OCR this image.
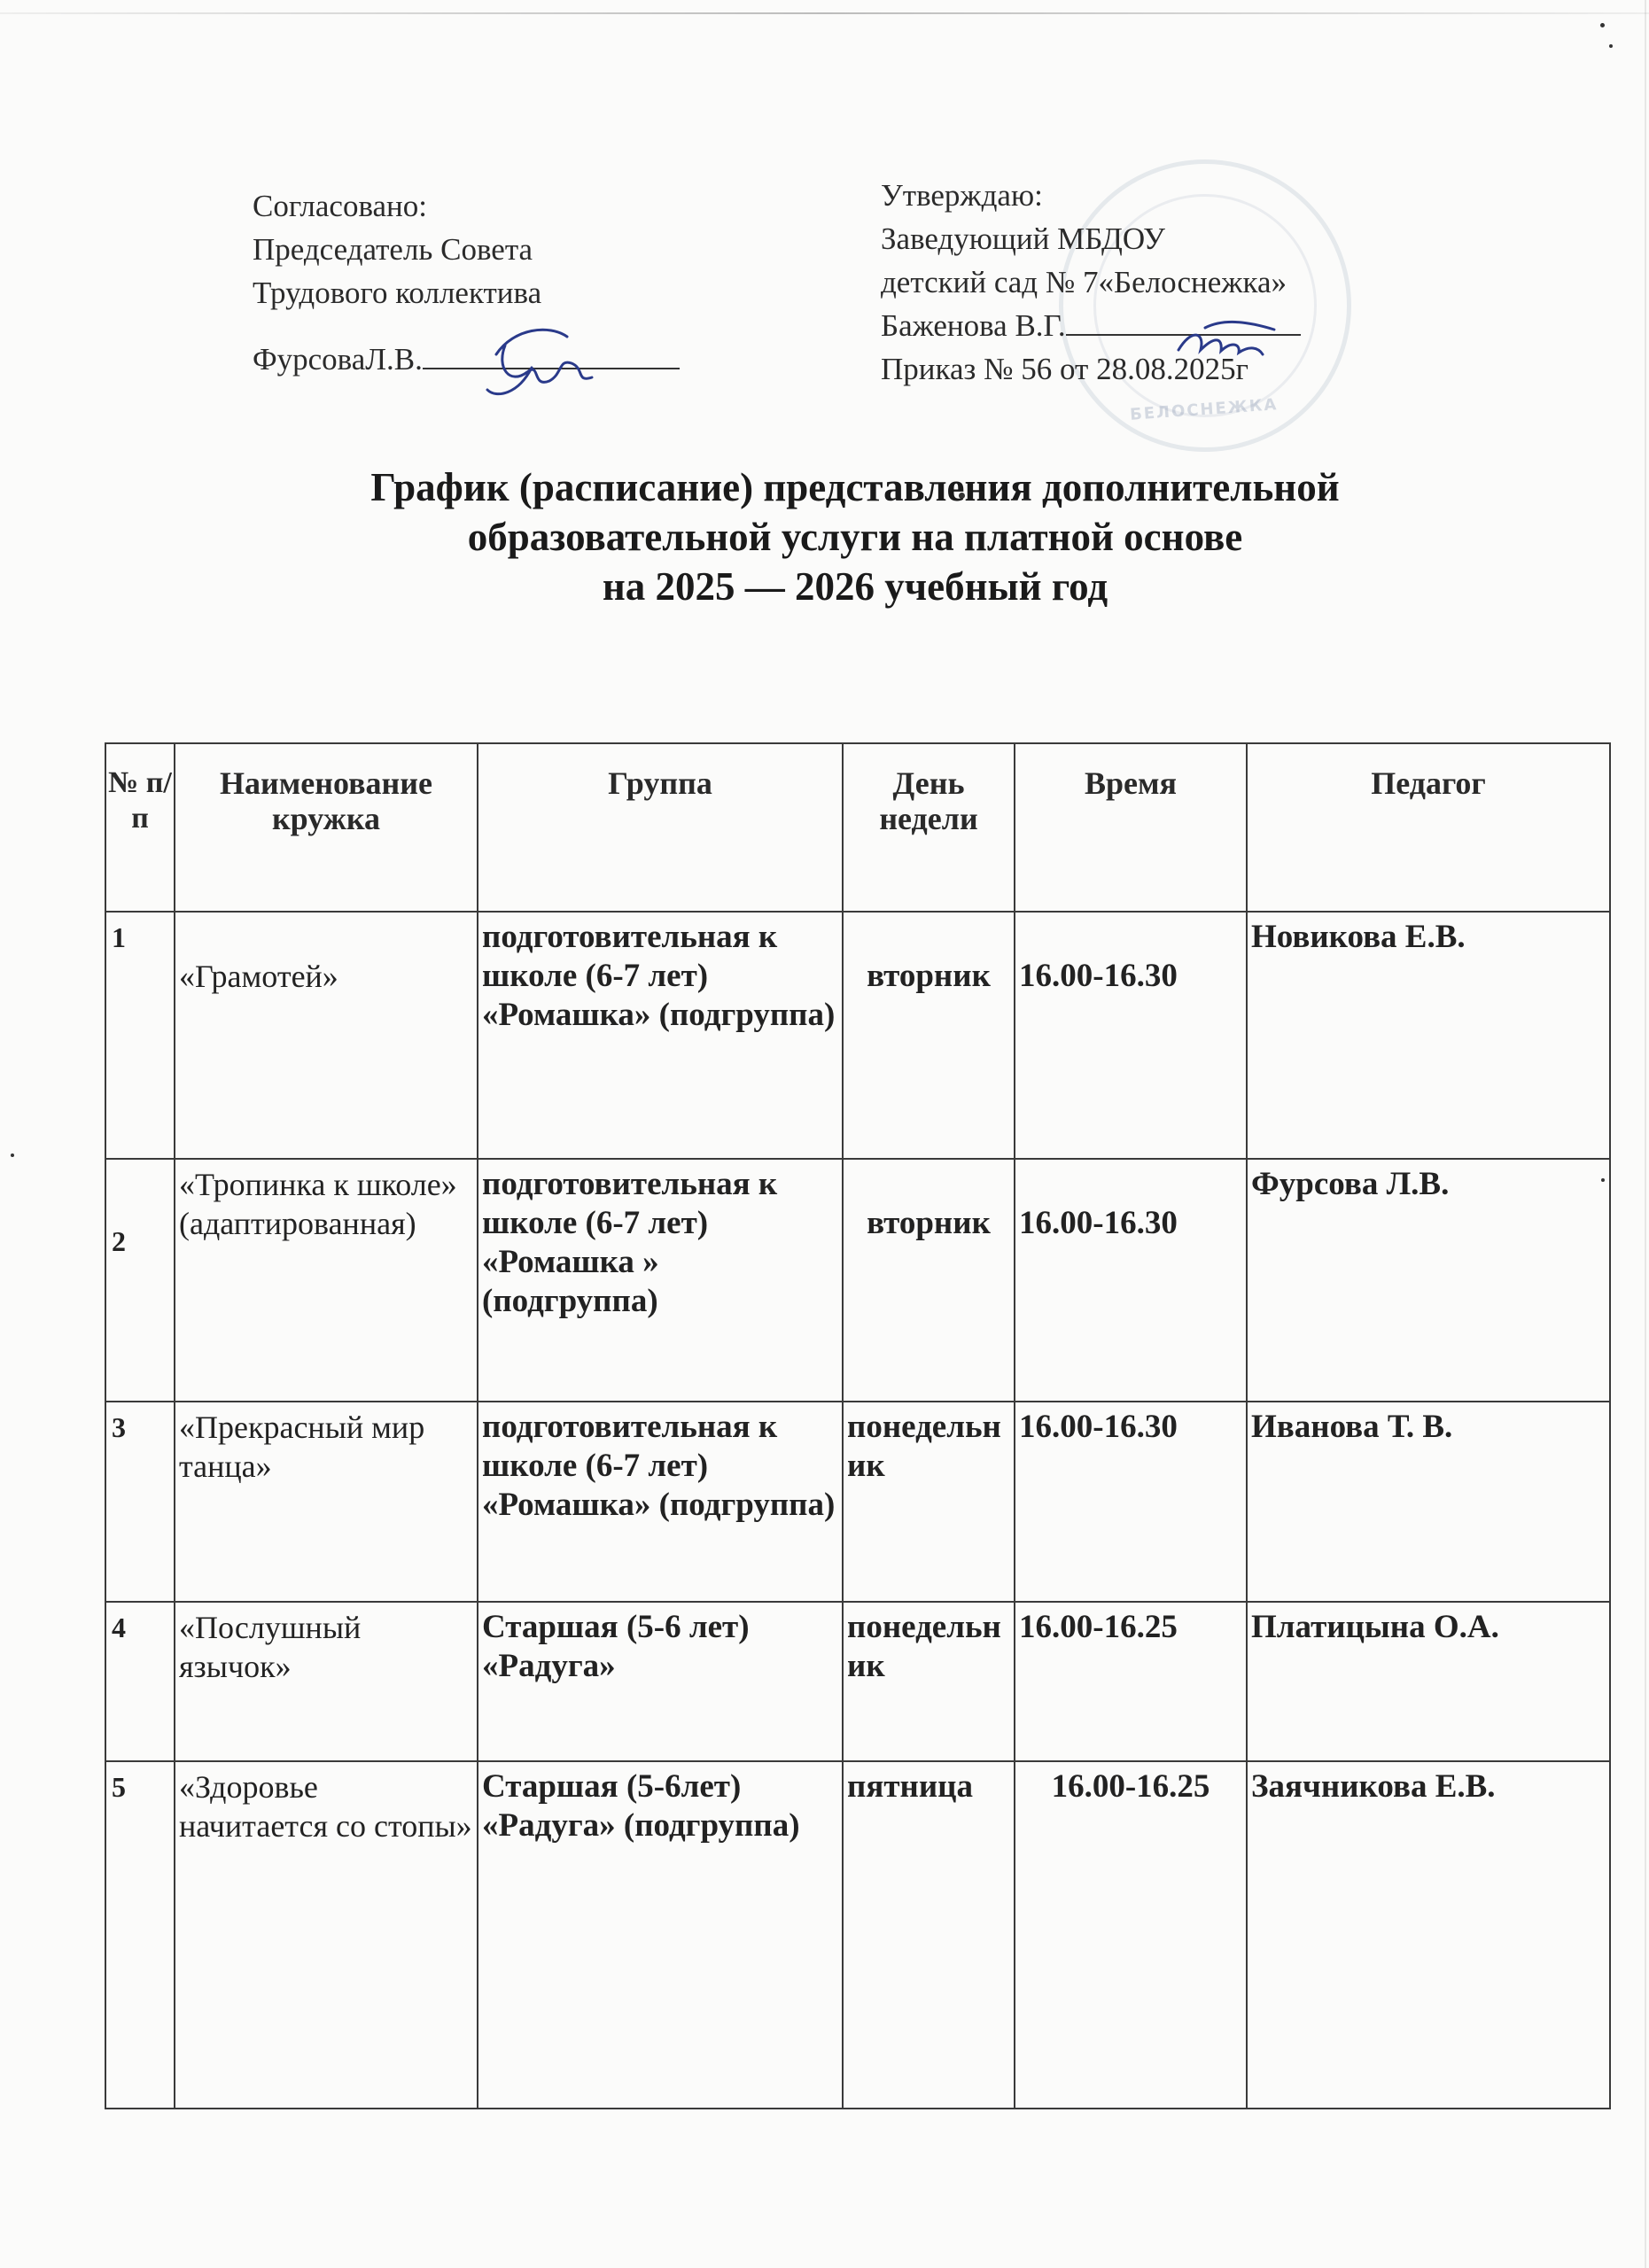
БЕЛОСНЕЖКА
Согласовано:
Председатель Совета
Трудового коллектива
ФурсоваЛ.В.
Утверждаю:
Заведующий МБДОУ
детский сад № 7«Белоснежка»
Баженова В.Г.
Приказ № 56 от 28.08.2025г
График (расписание) представления дополнительной
образовательной услуги на платной основе
на 2025 — 2026 учебный год
№ п/п	Наименование кружка	Группа	День недели	Время	Педагог
1	«Грамотей»	подготовительная к школе (6-7 лет) «Ромашка» (подгруппа)	вторник	16.00-16.30	Новикова Е.В.
2	«Тропинка к школе» (адаптированная)	подготовительная к школе (6-7 лет) «Ромашка » (подгруппа)	вторник	16.00-16.30	Фурсова Л.В.
3	«Прекрасный мир танца»	подготовительная к школе (6-7 лет) «Ромашка» (подгруппа)	понедельник	16.00-16.30	Иванова Т. В.
4	«Послушный язычок»	Старшая (5-6 лет) «Радуга»	понедельник	16.00-16.25	Платицына О.А.
5	«Здоровье начитается со стопы»	Старшая (5-6лет) «Радуга» (подгруппа)	пятница	16.00-16.25	Заячникова Е.В.
